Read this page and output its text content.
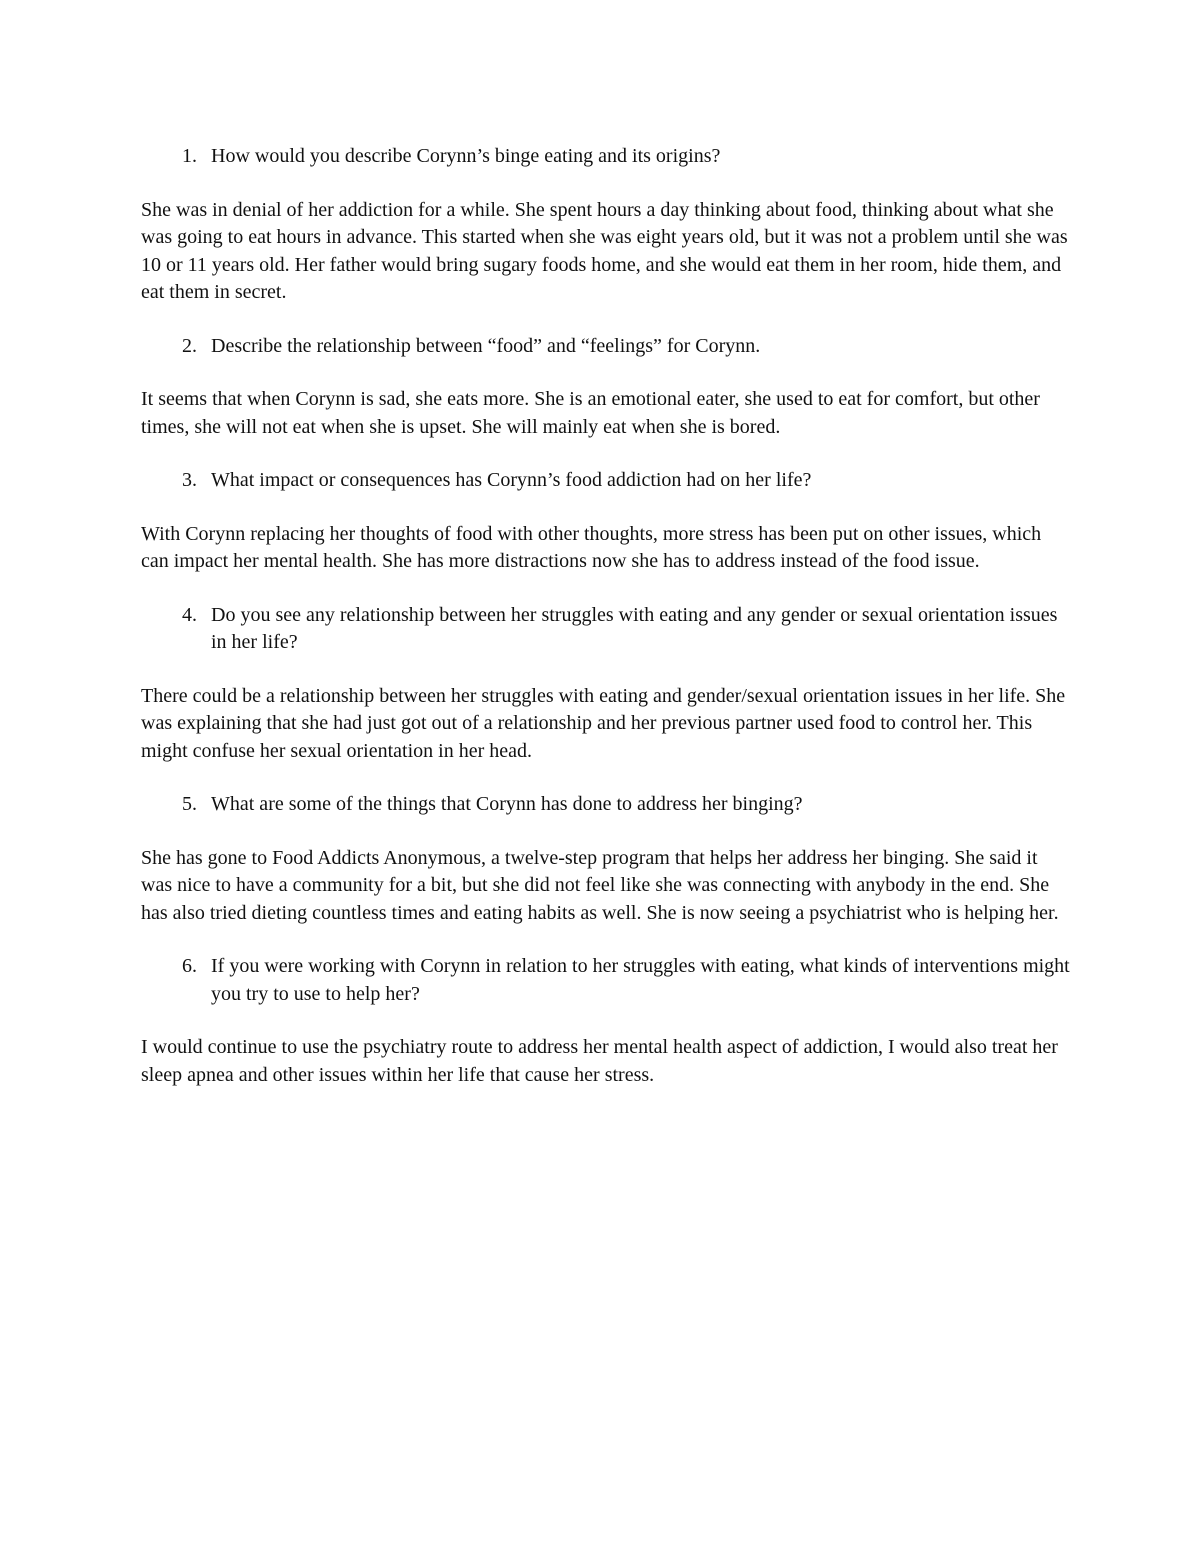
1. How would you describe Corynn’s binge eating and its origins?

She was in denial of her addiction for a while. She spent hours a day thinking about food, thinking about what she was going to eat hours in advance. This started when she was eight years old, but it was not a problem until she was 10 or 11 years old. Her father would bring sugary foods home, and she would eat them in her room, hide them, and eat them in secret.

2. Describe the relationship between “food” and “feelings” for Corynn.

It seems that when Corynn is sad, she eats more. She is an emotional eater, she used to eat for comfort, but other times, she will not eat when she is upset. She will mainly eat when she is bored.

3. What impact or consequences has Corynn’s food addiction had on her life?

With Corynn replacing her thoughts of food with other thoughts, more stress has been put on other issues, which can impact her mental health. She has more distractions now she has to address instead of the food issue.

4. Do you see any relationship between her struggles with eating and any gender or sexual orientation issues in her life?

There could be a relationship between her struggles with eating and gender/sexual orientation issues in her life. She was explaining that she had just got out of a relationship and her previous partner used food to control her. This might confuse her sexual orientation in her head.

5. What are some of the things that Corynn has done to address her binging?

She has gone to Food Addicts Anonymous, a twelve-step program that helps her address her binging. She said it was nice to have a community for a bit, but she did not feel like she was connecting with anybody in the end. She has also tried dieting countless times and eating habits as well. She is now seeing a psychiatrist who is helping her.

6. If you were working with Corynn in relation to her struggles with eating, what kinds of interventions might you try to use to help her?

I would continue to use the psychiatry route to address her mental health aspect of addiction, I would also treat her sleep apnea and other issues within her life that cause her stress.
